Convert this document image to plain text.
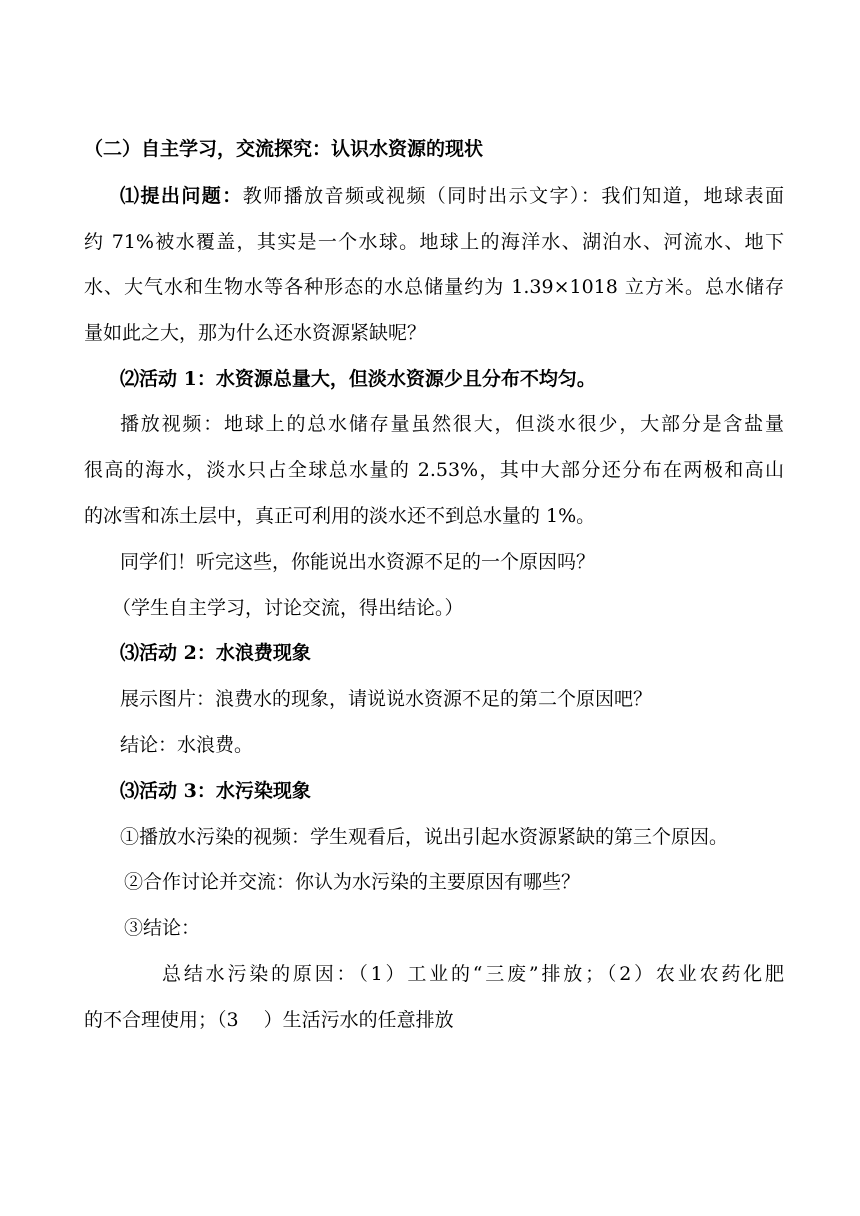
（二）自主学习，交流探究：认识水资源的现状
⑴提出问题：教师播放音频或视频（同时出示文字）：我们知道，地球表面
约 71%被水覆盖，其实是一个水球。地球上的海洋水、湖泊水、河流水、地下
水、大气水和生物水等各种形态的水总储量约为 1.39×1018 立方米。总水储存
量如此之大，那为什么还水资源紧缺呢？
⑵活动 1：水资源总量大，但淡水资源少且分布不均匀。
播放视频：地球上的总水储存量虽然很大，但淡水很少，大部分是含盐量
很高的海水，淡水只占全球总水量的 2.53%，其中大部分还分布在两极和高山
的冰雪和冻土层中，真正可利用的淡水还不到总水量的 1%。
同学们！听完这些，你能说出水资源不足的一个原因吗？
（学生自主学习，讨论交流，得出结论。）
⑶活动 2：水浪费现象
展示图片：浪费水的现象，请说说水资源不足的第二个原因吧？
结论：水浪费。
⑶活动 3：水污染现象
①播放水污染的视频：学生观看后，说出引起水资源紧缺的第三个原因。
②合作讨论并交流：你认为水污染的主要原因有哪些？
③结论：
总结水污染的原因：（1）工业的“三废”排放；（2）农业农药化肥
的不合理使用；（3　 ）生活污水的任意排放
